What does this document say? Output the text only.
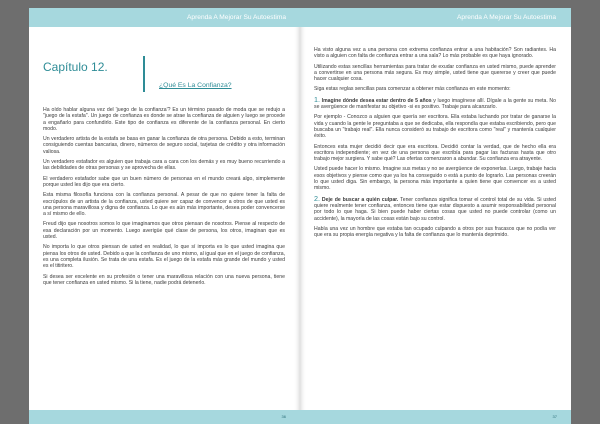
Aprenda A Mejorar Su Autoestima
Capítulo 12.
¿Qué Es La Confianza?

Ha oído hablar alguna vez del 'juego de la confianza'? Es un término pasado de moda que se redujo a "juego de la estafa". Un juego de confianza es donde se atrae la confianza de alguien y luego se procede a engañarlo para confundirlo. Este tipo de confianza es diferente de la confianza personal. En cierto modo.

Un verdadero artista de la estafa se basa en ganar la confianza de otra persona. Debido a esto, terminan consiguiendo cuentas bancarias, dinero, números de seguro social, tarjetas de crédito y otra información valiosa.

Un verdadero estafador es alguien que trabaja cara a cara con los demás y es muy bueno recurriendo a las debilidades de otras personas y se aprovecha de ellas.

El verdadero estafador sabe que un buen número de personas en el mundo creará algo, simplemente porque usted les dijo que era cierto.

Esta misma filosofía funciona con la confianza personal. A pesar de que no quiere tener la falta de escrúpulos de un artista de la confianza, usted quiere ser capaz de convencer a otros de que usted es una persona maravillosa y digna de confianza. Lo que es aún más importante, desea poder convencerse a sí mismo de ello.

Freud dijo que nosotros somos lo que imaginamos que otros piensan de nosotros. Piense al respecto de esa declaración por un momento. Luego averigüe qué clase de persona, los otros, imaginan que es usted.

No importa lo que otros piensan de usted en realidad, lo que sí importa es lo que usted imagina que piensa los otros de usted. Debido a que la confianza de uno mismo, al igual que en el juego de confianza, es una completa ilusión. Se trata de una estafa. Es el juego de la estafa más grande del mundo y usted es el titiritero.

Si desea ser excelente en su profesión o tener una maravillosa relación con una nueva persona, tiene que tener confianza en usted mismo. Si la tiene, nadie podrá detenerlo.

36
Aprenda A Mejorar Su Autoestima

Ha visto alguna vez a una persona con extrema confianza entrar a una habitación? Son radiantes. Ha visto a alguien con falta de confianza entrar a una sala? Lo más probable es que haya ignorado.

Utilizando estas sencillas herramientas para tratar de exudar confianza en usted mismo, puede aprender a convertirse en una persona más segura. Es muy simple, usted tiene que quererse y creer que puede hacer cualquier cosa.

Siga estas reglas sencillas para comenzar a obtener más confianza en este momento:

1. Imagine dónde desea estar dentro de 5 años y luego imagínese allí. Dígale a la gente su meta. No se avergüence de manifestar su objetivo -si es positivo. Trabaje para alcanzarlo.

Por ejemplo - Conozco a alguien que quería ser escritora. Ella estaba luchando por tratar de ganarse la vida y cuando la gente le preguntaba a que se dedicaba, ella respondía que estaba escribiendo, pero que buscaba un "trabajo real". Ella nunca consideró su trabajo de escritora como "real" y mantenía cualquier éxito.

Entonces esta mujer decidió decir que era escritora. Decidió contar la verdad, que de hecho ella era escritora independiente; en vez de una persona que escribía para pagar las facturas hasta que otro trabajo mejor surgiera. Y sabe qué? Las ofertas comenzaron a abundar. Su confianza era atrayente.

Usted puede hacer lo mismo. Imagine sus metas y no se avergüence de exponerlas. Luego, trabaje hacia esos objetivos y piense como que ya los ha conseguido o está a punto de lograrlo. Las personas creerán lo que usted diga. Sin embargo, la persona más importante a quien tiene que convencer es a usted mismo.

2. Deje de buscar a quién culpar. Tener confianza significa tomar el control total de su vida. Si usted quiere realmente tener confianza, entonces tiene que estar dispuesto a asumir responsabilidad personal por todo lo que haga. Si bien puede haber ciertas cosas que usted no puede controlar (como un accidente), la mayoría de las cosas están bajo su control.

Había una vez un hombre que estaba tan ocupado culpando a otros por sus fracasos que no podía ver que era su propia energía negativa y la falta de confianza que lo mantenía deprimido.

37
